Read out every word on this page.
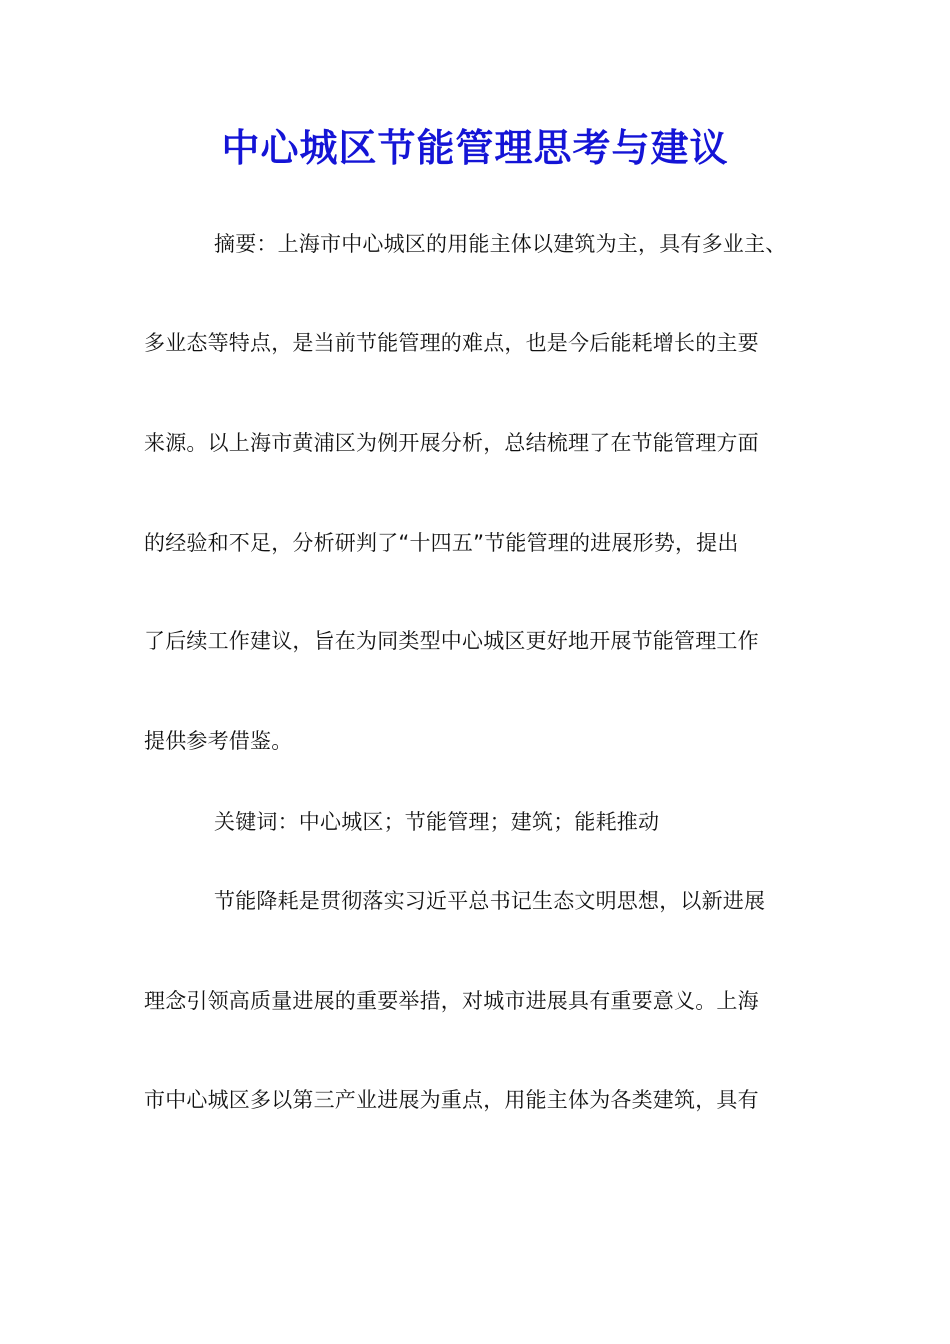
中心城区节能管理思考与建议
摘要：上海市中心城区的用能主体以建筑为主，具有多业主、
多业态等特点，是当前节能管理的难点，也是今后能耗增长的主要
来源。以上海市黄浦区为例开展分析，总结梳理了在节能管理方面
的经验和不足，分析研判了“十四五”节能管理的进展形势，提出
了后续工作建议，旨在为同类型中心城区更好地开展节能管理工作
提供参考借鉴。
关键词：中心城区；节能管理；建筑；能耗推动
节能降耗是贯彻落实习近平总书记生态文明思想，以新进展
理念引领高质量进展的重要举措，对城市进展具有重要意义。上海
市中心城区多以第三产业进展为重点，用能主体为各类建筑，具有
